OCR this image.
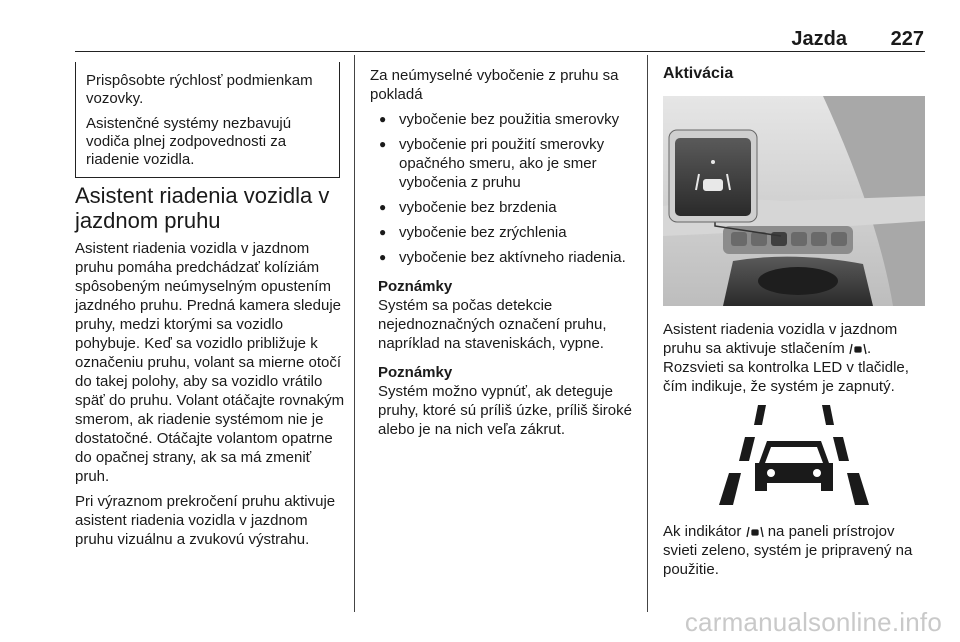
Jazda 227

Prispôsobte rýchlosť podmienkam vozovky.

Asistenčné systémy nezbavujú vodiča plnej zodpovednosti za riadenie vozidla.

Asistent riadenia vozidla v jazdnom pruhu

Asistent riadenia vozidla v jazdnom pruhu pomáha predchádzať kolíziám spôsobeným neúmyselným opustením jazdného pruhu. Predná kamera sleduje pruhy, medzi ktorými sa vozidlo pohybuje. Keď sa vozidlo približuje k označeniu pruhu, volant sa mierne otočí do takej polohy, aby sa vozidlo vrátilo späť do pruhu. Volant otáčajte rovnakým smerom, ak riadenie systémom nie je dostatočné. Otáčajte volantom opatrne do opačnej strany, ak sa má zmeniť pruh.

Pri výraznom prekročení pruhu aktivuje asistent riadenia vozidla v jazdnom pruhu vizuálnu a zvukovú výstrahu.

Za neúmyselné vybočenie z pruhu sa pokladá

● vybočenie bez použitia smerovky
● vybočenie pri použití smerovky opačného smeru, ako je smer vybočenia z pruhu
● vybočenie bez brzdenia
● vybočenie bez zrýchlenia
● vybočenie bez aktívneho riadenia.
Poznámky

Systém sa počas detekcie nejednoznačných označení pruhu, napríklad na staveniskách, vypne.

Poznámky

Systém možno vypnúť, ak deteguje pruhy, ktoré sú príliš úzke, príliš široké alebo je na nich veľa zákrut.

Aktivácia
Asistent riadenia vozidla v jazdnom pruhu sa aktivuje stlačením . Rozsvieti sa kontrolka LED v tlačidle, čím indikuje, že systém je zapnutý.
Ak indikátor na paneli prístrojov svieti zeleno, systém je pripravený na použitie.
carmanualsonline.info
